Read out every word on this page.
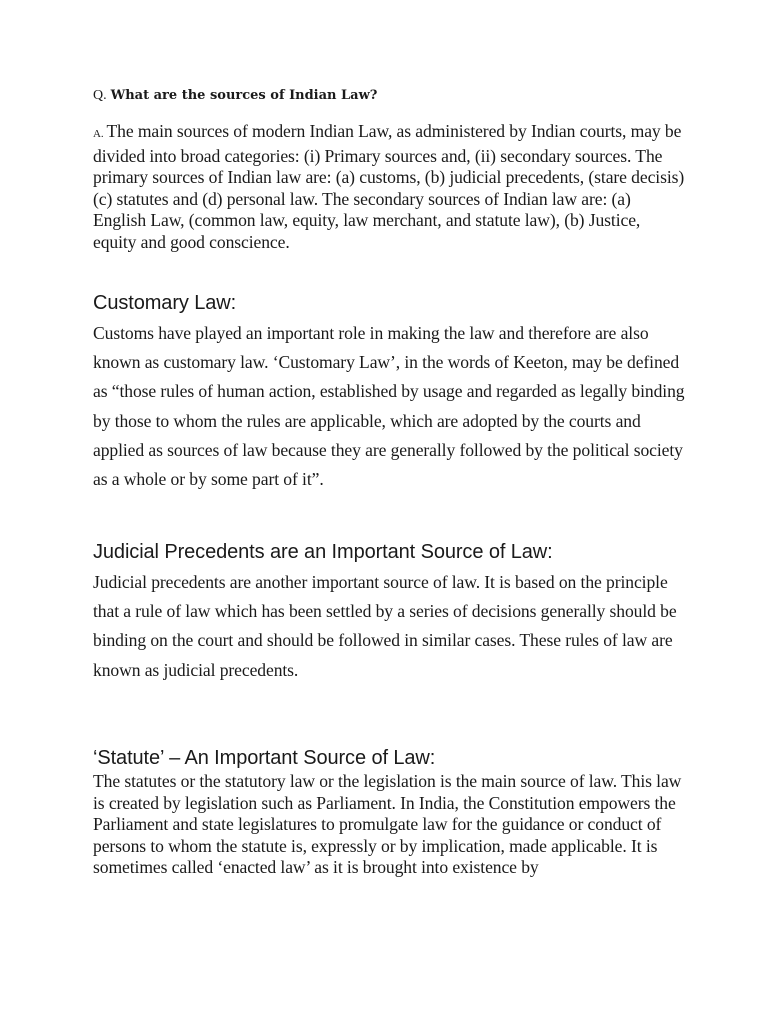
Q. What are the sources of Indian Law?
A. The main sources of modern Indian Law, as administered by Indian courts, may be divided into broad categories: (i) Primary sources and, (ii) secondary sources. The primary sources of Indian law are: (a) customs, (b) judicial precedents, (stare decisis) (c) statutes and (d) personal law. The secondary sources of Indian law are: (a) English Law, (common law, equity, law merchant, and statute law), (b) Justice, equity and good conscience.
Customary Law:
Customs have played an important role in making the law and therefore are also known as customary law. ‘Customary Law’, in the words of Keeton, may be defined as “those rules of human action, established by usage and regarded as legally binding by those to whom the rules are applicable, which are adopted by the courts and applied as sources of law because they are generally followed by the political society as a whole or by some part of it”.
Judicial Precedents are an Important Source of Law:
Judicial precedents are another important source of law. It is based on the principle that a rule of law which has been settled by a series of decisions generally should be binding on the court and should be followed in similar cases. These rules of law are known as judicial precedents.
‘Statute’ – An Important Source of Law:
The statutes or the statutory law or the legislation is the main source of law. This law is created by legislation such as Parliament. In India, the Constitution empowers the Parliament and state legislatures to promulgate law for the guidance or conduct of persons to whom the statute is, expressly or by implication, made applicable. It is sometimes called ‘enacted law’ as it is brought into existence by
